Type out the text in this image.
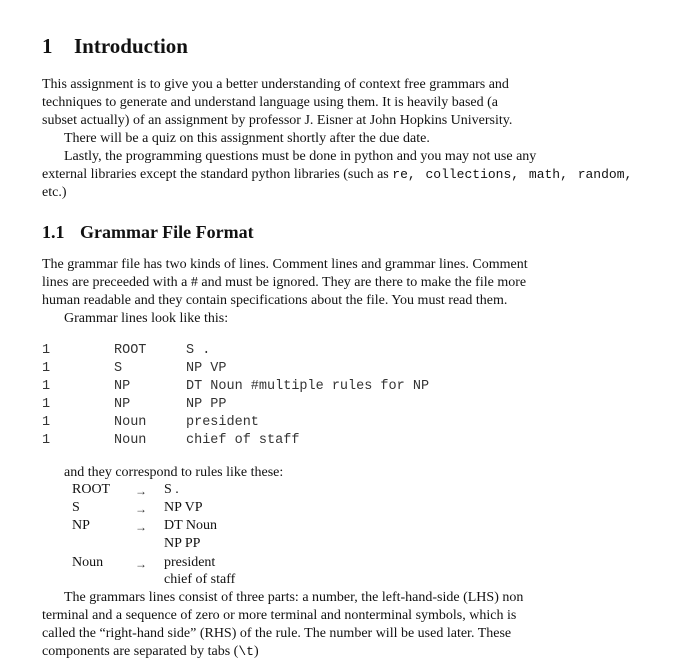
1 Introduction
This assignment is to give you a better understanding of context free grammars and
techniques to generate and understand language using them. It is heavily based (a
subset actually) of an assignment by professor J. Eisner at John Hopkins University.
There will be a quiz on this assignment shortly after the due date.
Lastly, the programming questions must be done in python and you may not use any
external libraries except the standard python libraries (such as re, collections, math, random,
etc.)
1.1 Grammar File Format
The grammar file has two kinds of lines. Comment lines and grammar lines. Comment
lines are preceeded with a # and must be ignored. They are there to make the file more
human readable and they contain specifications about the file. You must read them.
Grammar lines look like this:
1	ROOT	S .
1	S	NP VP
1	NP	DT Noun #multiple rules for NP
1	NP	NP PP
1	Noun	president
1	Noun	chief of staff
and they correspond to rules like these:
ROOT → S .
S	→ NP VP
NP	→ DT Noun
NP PP
Noun	→ president
chief of staff
The grammars lines consist of three parts: a number, the left-hand-side (LHS) non
terminal and a sequence of zero or more terminal and nonterminal symbols, which is
called the “right-hand side” (RHS) of the rule. The number will be used later. These
components are separated by tabs (\t)
